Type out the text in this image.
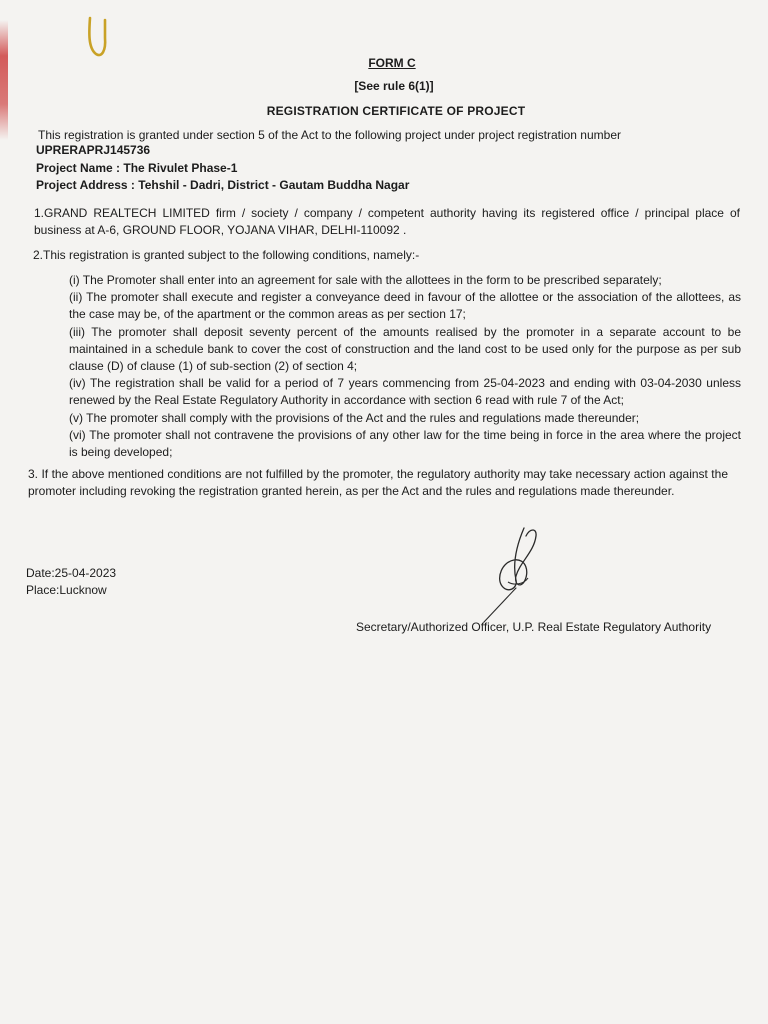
FORM C
[See rule 6(1)]
REGISTRATION CERTIFICATE OF PROJECT
This registration is granted under section 5 of the Act to the following project under project registration number
UPRERAPRJ145736
Project Name : The Rivulet Phase-1
Project Address : Tehshil - Dadri, District - Gautam Buddha Nagar
1.GRAND REALTECH LIMITED firm / society / company / competent authority having its registered office / principal place of business at A-6, GROUND FLOOR, YOJANA VIHAR, DELHI-110092 .
2.This registration is granted subject to the following conditions, namely:-

(i) The Promoter shall enter into an agreement for sale with the allottees in the form to be prescribed separately;

(ii) The promoter shall execute and register a conveyance deed in favour of the allottee or the association of the allottees, as the case may be, of the apartment or the common areas as per section 17;

(iii) The promoter shall deposit seventy percent of the amounts realised by the promoter in a separate account to be maintained in a schedule bank to cover the cost of construction and the land cost to be used only for the purpose as per sub clause (D) of clause (1) of sub-section (2) of section 4;

(iv) The registration shall be valid for a period of 7 years commencing from 25-04-2023 and ending with 03-04-2030 unless renewed by the Real Estate Regulatory Authority in accordance with section 6 read with rule 7 of the Act;

(v) The promoter shall comply with the provisions of the Act and the rules and regulations made thereunder;

(vi) The promoter shall not contravene the provisions of any other law for the time being in force in the area where the project is being developed;

3. If the above mentioned conditions are not fulfilled by the promoter, the regulatory authority may take necessary action against the promoter including revoking the registration granted herein, as per the Act and the rules and regulations made thereunder.
Date:25-04-2023
Place:Lucknow
Secretary/Authorized Officer, U.P. Real Estate Regulatory Authority
